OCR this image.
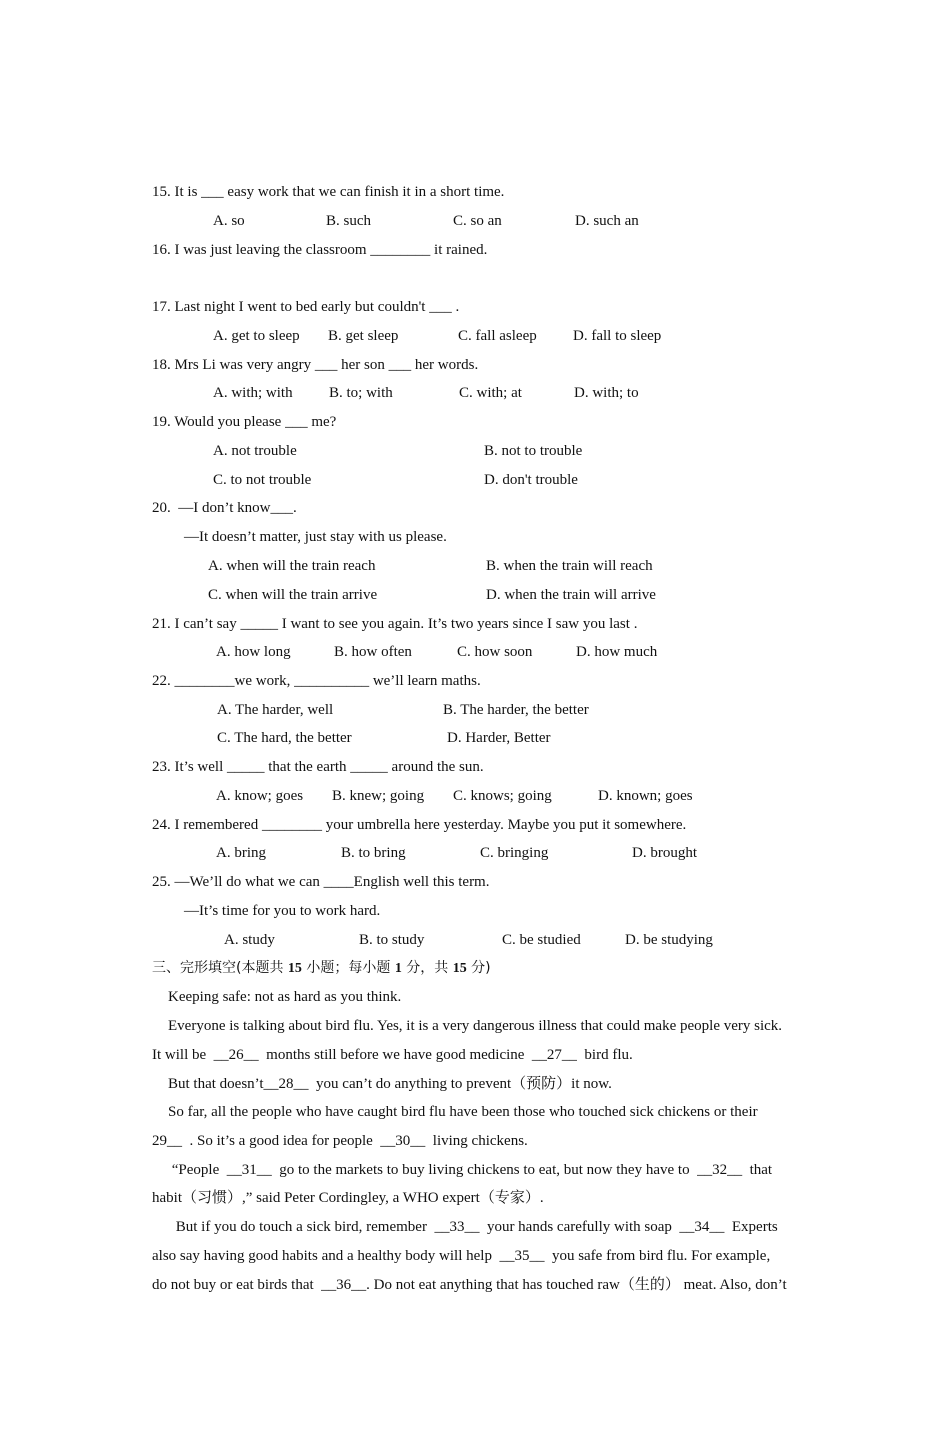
15. It is ___ easy work that we can finish it in a short time.
A. so	B. such	C. so an	D. such an
16. I was just leaving the classroom ________ it rained.
17. Last night I went to bed early but couldn't ___ .
A. get to sleep B. get sleep	C. fall asleep D. fall to sleep
18. Mrs Li was very angry ___ her son ___ her words.
A. with; with B. to; with	C. with; at	D. with; to
19. Would you please ___ me?
A. not trouble	B. not to trouble
C. to not trouble	D. don't trouble
20.  —I don’t know___.
—It doesn’t matter, just stay with us please.
A. when will the train reach	B. when the train will reach
C. when will the train arrive	D. when the train will arrive
21. I can’t say _____ I want to see you again. It’s two years since I saw you last .
A. how long	B. how often	C. how soon	D. how much
22. ________we work, __________ we’ll learn maths.
A. The harder, well	B. The harder, the better
C. The hard, the better	D. Harder, Better
23. It’s well _____ that the earth _____ around the sun.
A. know; goes B. knew; going C. knows; going	D. known; goes
24. I remembered ________ your umbrella here yesterday. Maybe you put it somewhere.
A. bring	B. to bring	C. bringing	D. brought
25. —We’ll do what we can ____English well this term.
—It’s time for you to work hard.
A. study	B. to study	C. be studied	D. be studying
三、完形填空(本题共 15 小题；每小题 1 分，共 15 分)
Keeping safe: not as hard as you think.
Everyone is talking about bird flu. Yes, it is a very dangerous illness that could make people very sick.
It will be  __26__  months still before we have good medicine  __27__  bird flu.
But that doesn’t__28__  you can’t do anything to prevent（预防）it now.
So far, all the people who have caught bird flu have been those who touched sick chickens or their
29__  . So it’s a good idea for people  __30__  living chickens.
“People  __31__  go to the markets to buy living chickens to eat, but now they have to  __32__  that
habit（习惯）,” said Peter Cordingley, a WHO expert（专家）.
But if you do touch a sick bird, remember  __33__  your hands carefully with soap  __34__  Experts
also say having good habits and a healthy body will help  __35__  you safe from bird flu. For example,
do not buy or eat birds that  __36__. Do not eat anything that has touched raw（生的） meat. Also, don’t
